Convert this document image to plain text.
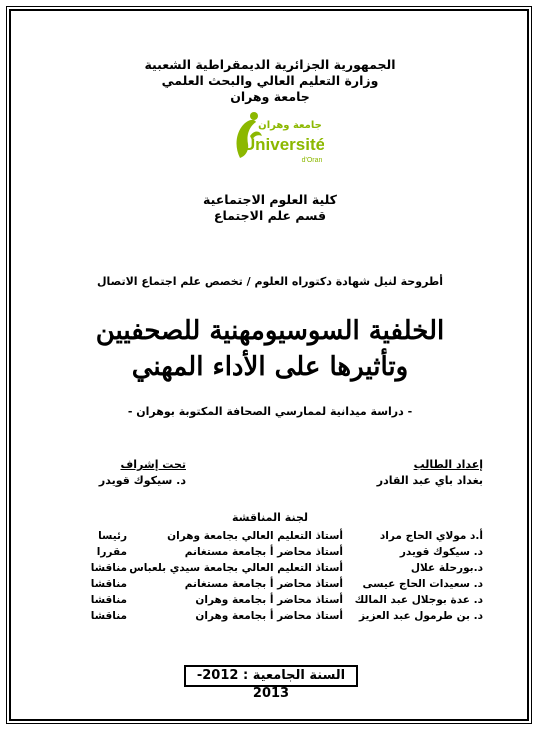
الجمهورية الجزائرية الديمقراطية الشعبية
وزارة التعليم العالي والبحث العلمي
جامعة وهران
جامعة وهران
Université
d'Oran
كلية العلوم الاجتماعية
قسم علم الاجتماع
أطروحة لنيل شهادة دكتوراه العلوم / تخصص علم اجتماع الاتصال
الخلفية السوسيومهنية للصحفيين
وتأثيرها على الأداء المهني
- دراسة ميدانية لممارسي الصحافة المكتوبة بوهران -
إعداد الطالب
بغداد باي عبد القادر
تحت إشراف
د. سيكوك قويدر
لجنة المناقشة
أ.د مولاي الحاج مراد
أستاذ التعليم العالي بجامعة وهران
رئيسا
د. سيكوك قويدر
أستاذ محاضر أ بجامعة مستغانم
مقررا
د.بورحلة علال
أستاذ التعليم العالي بجامعة سيدي بلعباس
مناقشا
د. سعيدات الحاج عيسى
أستاذ محاضر أ بجامعة مستغانم
مناقشا
د. عدة بوجلال عبد المالك
أستاذ محاضر أ بجامعة وهران
مناقشا
د. بن طرمول عبد العزيز
أستاذ محاضر أ بجامعة وهران
مناقشا
السنة الجامعية : 2012- 2013
